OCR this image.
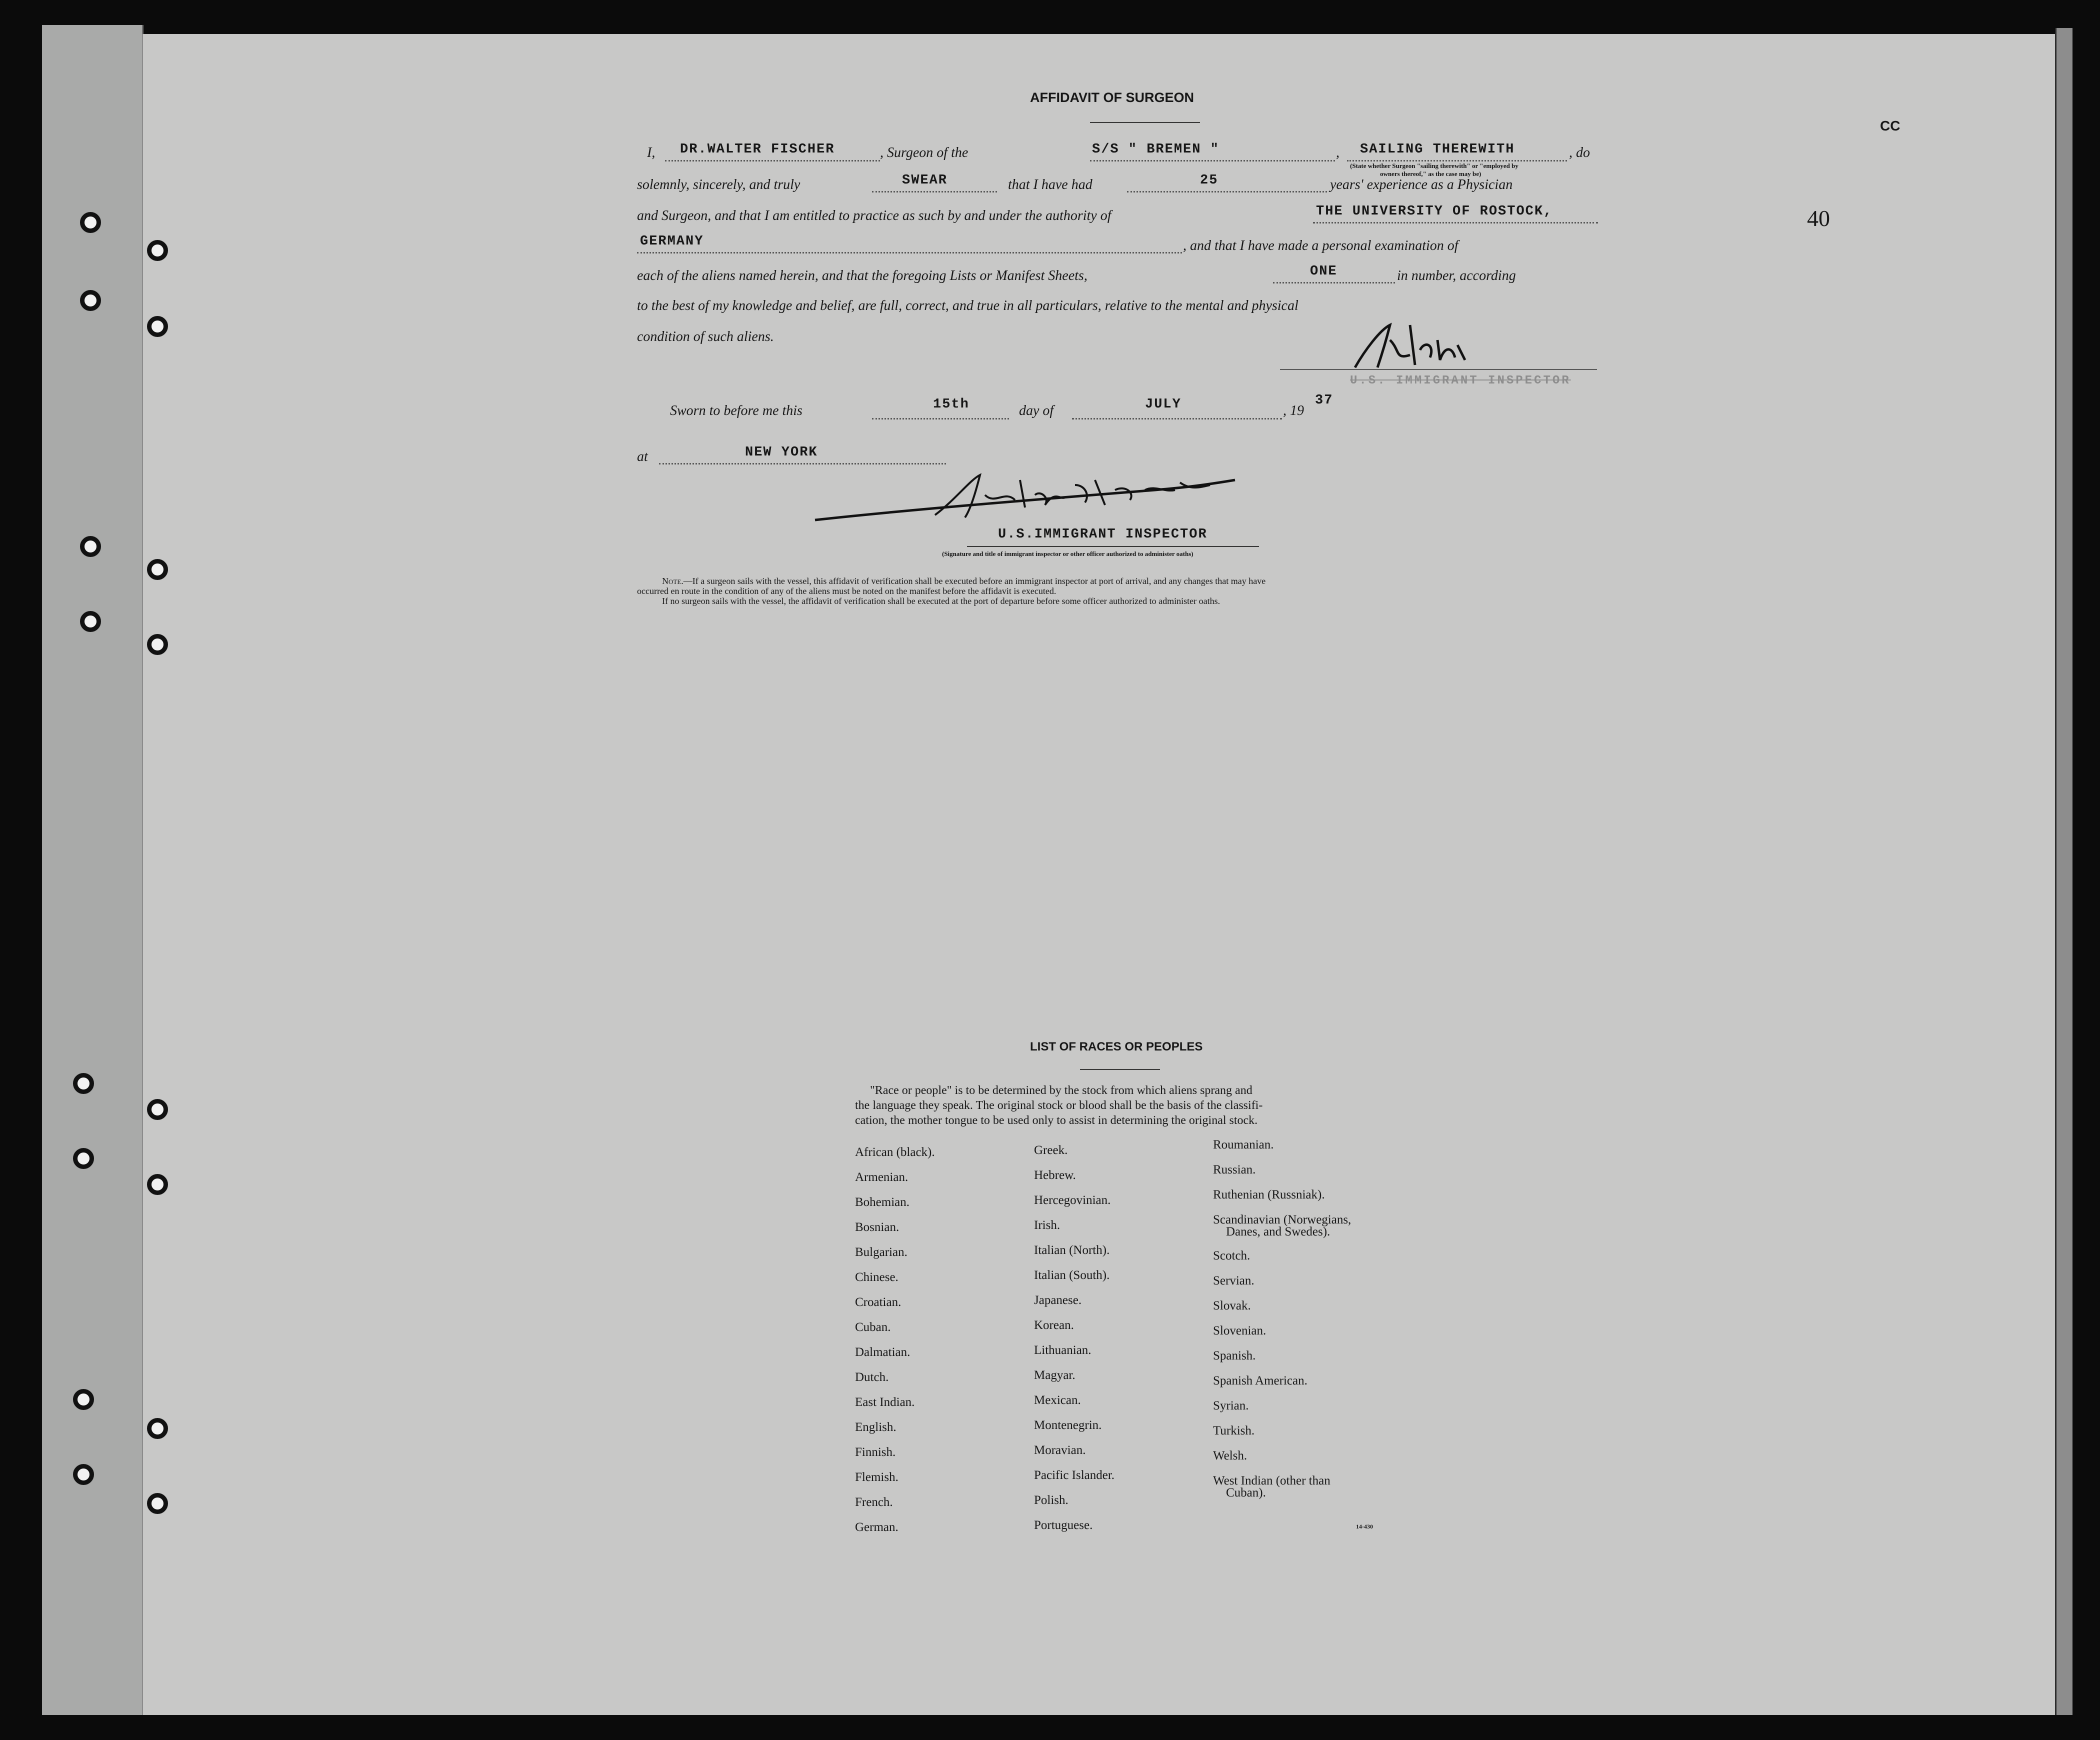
40
CC
AFFIDAVIT OF SURGEON
I, DR.WALTER FISCHER	, Surgeon of the	S/S " BREMEN "	, SAILING THEREWITH	, do
(State whether Surgeon "sailing therewith" or "employed by
owners thereof," as the case may be)
solemnly, sincerely, and truly	SWEAR	that I have had	25	years' experience as a Physician
and Surgeon, and that I am entitled to practice as such by and under the authority of	THE UNIVERSITY OF ROSTOCK,
GERMANY	, and that I have made a personal examination of
each of the aliens named herein, and that the foregoing Lists or Manifest Sheets,	ONE	in number, according
to the best of my knowledge and belief, are full, correct, and true in all particulars, relative to the mental and physical
condition of such aliens.
U.S. IMMIGRANT INSPECTOR
Sworn to before me this	15th	day of	JULY	, 19
37
at	NEW YORK
U.S.IMMIGRANT INSPECTOR
(Signature and title of immigrant inspector or other officer authorized to administer oaths)
Note.—If a surgeon sails with the vessel, this affidavit of verification shall be executed before an immigrant inspector at port of arrival, and any changes that may have
occurred en route in the condition of any of the aliens must be noted on the manifest before the affidavit is executed.
If no surgeon sails with the vessel, the affidavit of verification shall be executed at the port of departure before some officer authorized to administer oaths.
LIST OF RACES OR PEOPLES
"Race or people" is to be determined by the stock from which aliens sprang and
the language they speak. The original stock or blood shall be the basis of the classifi-
cation, the mother tongue to be used only to assist in determining the original stock.
African (black).
Armenian.
Bohemian.
Bosnian.
Bulgarian.
Chinese.
Croatian.
Cuban.
Dalmatian.
Dutch.
East Indian.
English.
Finnish.
Flemish.
French.
German.
Greek.
Hebrew.
Hercegovinian.
Irish.
Italian (North).
Italian (South).
Japanese.
Korean.
Lithuanian.
Magyar.
Mexican.
Montenegrin.
Moravian.
Pacific Islander.
Polish.
Portuguese.
Roumanian.
Russian.
Ruthenian (Russniak).
Scandinavian (Norwegians,
Danes, and Swedes).
Scotch.
Servian.
Slovak.
Slovenian.
Spanish.
Spanish American.
Syrian.
Turkish.
Welsh.
West Indian (other than
Cuban).
14-430
